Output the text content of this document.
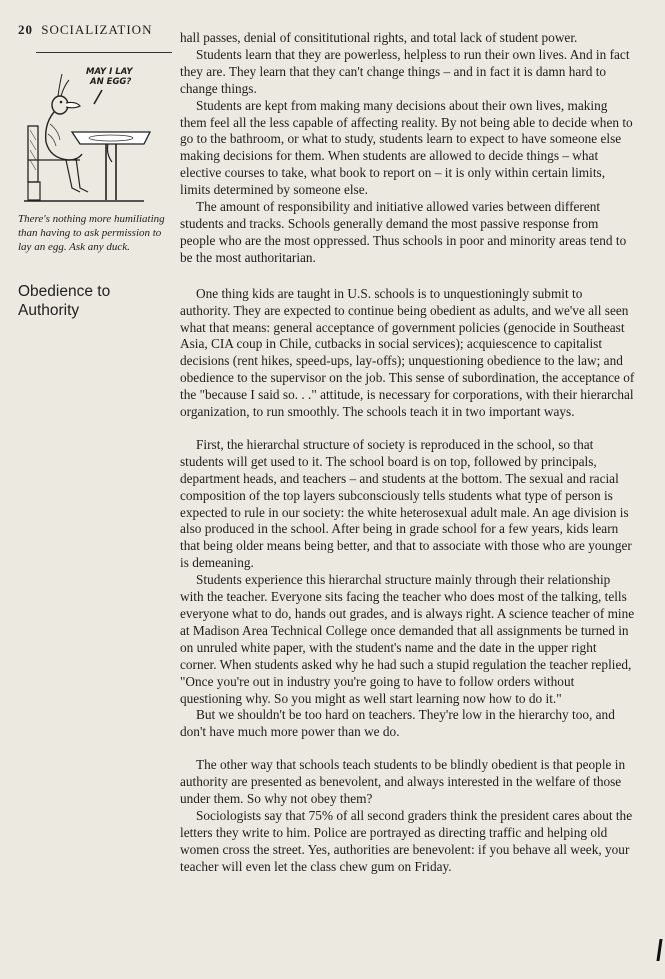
20 SOCIALIZATION
MAY I LAY
AN EGG?
There's nothing more humiliating than having to ask permission to lay an egg. Ask any duck.
Obedience to Authority

hall passes, denial of consititutional rights, and total lack of student power.

Students learn that they are powerless, helpless to run their own lives. And in fact they are. They learn that they can't change things – and in fact it is damn hard to change things.

Students are kept from making many decisions about their own lives, making them feel all the less capable of affecting reality. By not being able to decide when to go to the bathroom, or what to study, students learn to expect to have someone else making decisions for them. When students are allowed to decide things – what elective courses to take, what book to report on – it is only within certain limits, limits determined by someone else.

The amount of responsibility and initiative allowed varies between different students and tracks. Schools generally demand the most passive response from people who are the most oppressed. Thus schools in poor and minority areas tend to be the most authoritarian.

One thing kids are taught in U.S. schools is to unquestioningly submit to authority. They are expected to continue being obedient as adults, and we've all seen what that means: general acceptance of government policies (genocide in Southeast Asia, CIA coup in Chile, cutbacks in social services); acquiescence to capitalist decisions (rent hikes, speed-ups, lay-offs); unquestioning obedience to the law; and obedience to the supervisor on the job. This sense of subordination, the acceptance of the "because I said so. . ." attitude, is necessary for corporations, with their hierarchal organization, to run smoothly. The schools teach it in two important ways.

First, the hierarchal structure of society is reproduced in the school, so that students will get used to it. The school board is on top, followed by principals, department heads, and teachers – and students at the bottom. The sexual and racial composition of the top layers subconsciously tells students what type of person is expected to rule in our society: the white heterosexual adult male. An age division is also produced in the school. After being in grade school for a few years, kids learn that being older means being better, and that to associate with those who are younger is demeaning.

Students experience this hierarchal structure mainly through their relationship with the teacher. Everyone sits facing the teacher who does most of the talking, tells everyone what to do, hands out grades, and is always right. A science teacher of mine at Madison Area Technical College once demanded that all assignments be turned in on unruled white paper, with the student's name and the date in the upper right corner. When students asked why he had such a stupid regulation the teacher replied, "Once you're out in industry you're going to have to follow orders without questioning why. So you might as well start learning now how to do it."

But we shouldn't be too hard on teachers. They're low in the hierarchy too, and don't have much more power than we do.

The other way that schools teach students to be blindly obedient is that people in authority are presented as benevolent, and always interested in the welfare of those under them. So why not obey them?

Sociologists say that 75% of all second graders think the president cares about the letters they write to him. Police are portrayed as directing traffic and helping old women cross the street. Yes, authorities are benevolent: if you behave all week, your teacher will even let the class chew gum on Friday.
